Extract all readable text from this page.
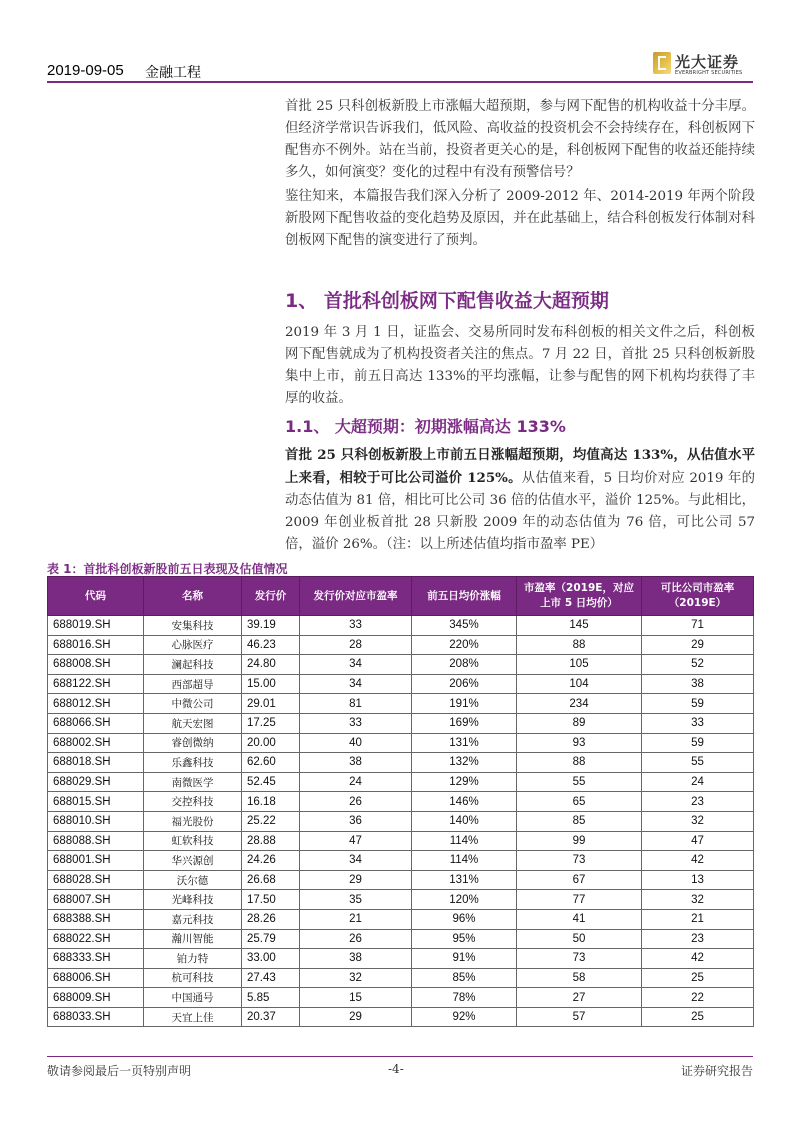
2019-09-05 金融工程
光大证券
EVERBRIGHT SECURITIES
首批 25 只科创板新股上市涨幅大超预期，参与网下配售的机构收益十分丰厚。但经济学常识告诉我们，低风险、高收益的投资机会不会持续存在，科创板网下配售亦不例外。站在当前，投资者更关心的是，科创板网下配售的收益还能持续多久，如何演变？变化的过程中有没有预警信号？
鉴往知来，本篇报告我们深入分析了 2009-2012 年、2014-2019 年两个阶段新股网下配售收益的变化趋势及原因，并在此基础上，结合科创板发行体制对科创板网下配售的演变进行了预判。
1、 首批科创板网下配售收益大超预期
2019 年 3 月 1 日，证监会、交易所同时发布科创板的相关文件之后，科创板网下配售就成为了机构投资者关注的焦点。7 月 22 日，首批 25 只科创板新股集中上市，前五日高达 133%的平均涨幅，让参与配售的网下机构均获得了丰厚的收益。
1.1、 大超预期：初期涨幅高达 133%
首批 25 只科创板新股上市前五日涨幅超预期，均值高达 133%，从估值水平上来看，相较于可比公司溢价 125%。从估值来看，5 日均价对应 2019 年的动态估值为 81 倍，相比可比公司 36 倍的估值水平，溢价 125%。与此相比，2009 年创业板首批 28 只新股 2009 年的动态估值为 76 倍，可比公司 57 倍，溢价 26%。（注：以上所述估值均指市盈率 PE）
表 1：首批科创板新股前五日表现及估值情况
代码	名称	发行价	发行价对应市盈率	前五日均价涨幅	市盈率（2019E，对应上市 5 日均价）	可比公司市盈率（2019E）
688019.SH	安集科技	39.19	33	345%	145	71
688016.SH	心脉医疗	46.23	28	220%	88	29
688008.SH	澜起科技	24.80	34	208%	105	52
688122.SH	西部超导	15.00	34	206%	104	38
688012.SH	中微公司	29.01	81	191%	234	59
688066.SH	航天宏图	17.25	33	169%	89	33
688002.SH	睿创微纳	20.00	40	131%	93	59
688018.SH	乐鑫科技	62.60	38	132%	88	55
688029.SH	南微医学	52.45	24	129%	55	24
688015.SH	交控科技	16.18	26	146%	65	23
688010.SH	福光股份	25.22	36	140%	85	32
688088.SH	虹软科技	28.88	47	114%	99	47
688001.SH	华兴源创	24.26	34	114%	73	42
688028.SH	沃尔德	26.68	29	131%	67	13
688007.SH	光峰科技	17.50	35	120%	77	32
688388.SH	嘉元科技	28.26	21	96%	41	21
688022.SH	瀚川智能	25.79	26	95%	50	23
688333.SH	铂力特	33.00	38	91%	73	42
688006.SH	杭可科技	27.43	32	85%	58	25
688009.SH	中国通号	5.85	15	78%	27	22
688033.SH	天宜上佳	20.37	29	92%	57	25
敬请参阅最后一页特别声明	-4-	证券研究报告
